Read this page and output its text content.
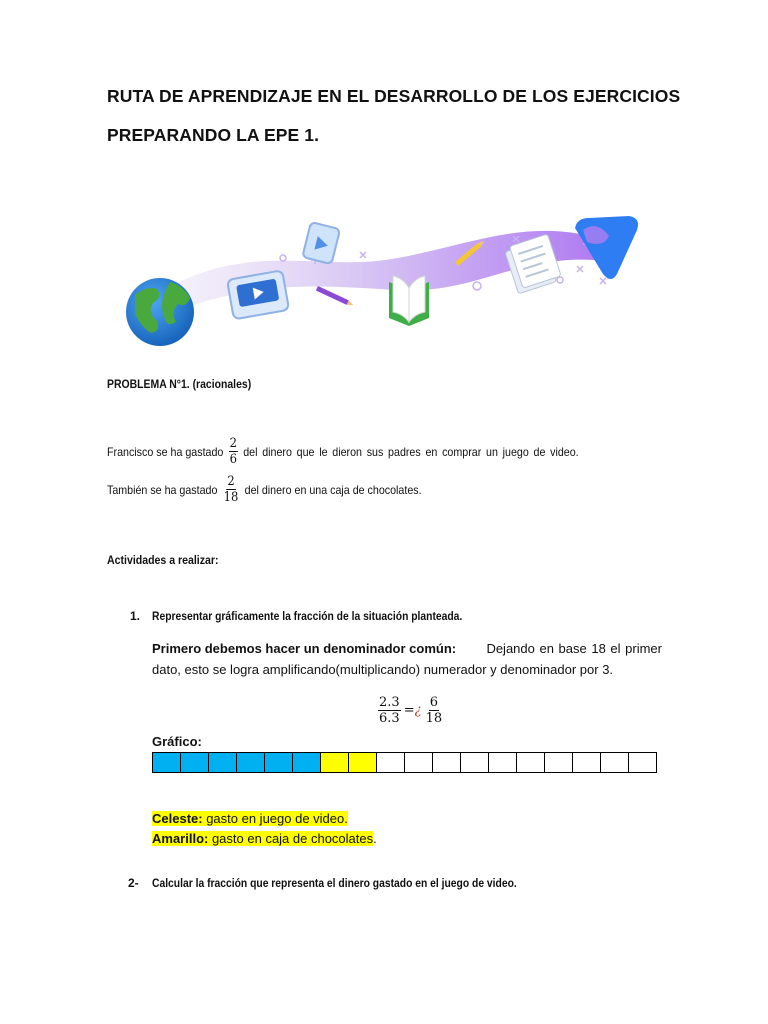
RUTA DE APRENDIZAJE EN EL DESARROLLO DE LOS EJERCICIOS
PREPARANDO LA EPE 1.
PROBLEMA N°1. (racionales)
Francisco se ha gastado $\frac{2}{6}$ del dinero que le dieron sus padres en comprar un juego de video.
También se ha gastado $\frac{2}{18}$ del dinero en una caja de chocolates.
Actividades a realizar:
1. Representar gráficamente la fracción de la situación planteada.
Primero debemos hacer un denominador común: Dejando en base 18 el primer
dato, esto se logra amplificando(multiplicando) numerador y denominador por 3.
$\frac{2.3}{6.3}$ = ¿ $\frac{6}{18}$
Gráfico:

Celeste: gasto en juego de video.
Amarillo: gasto en caja de chocolates.
2- Calcular la fracción que representa el dinero gastado en el juego de video.
